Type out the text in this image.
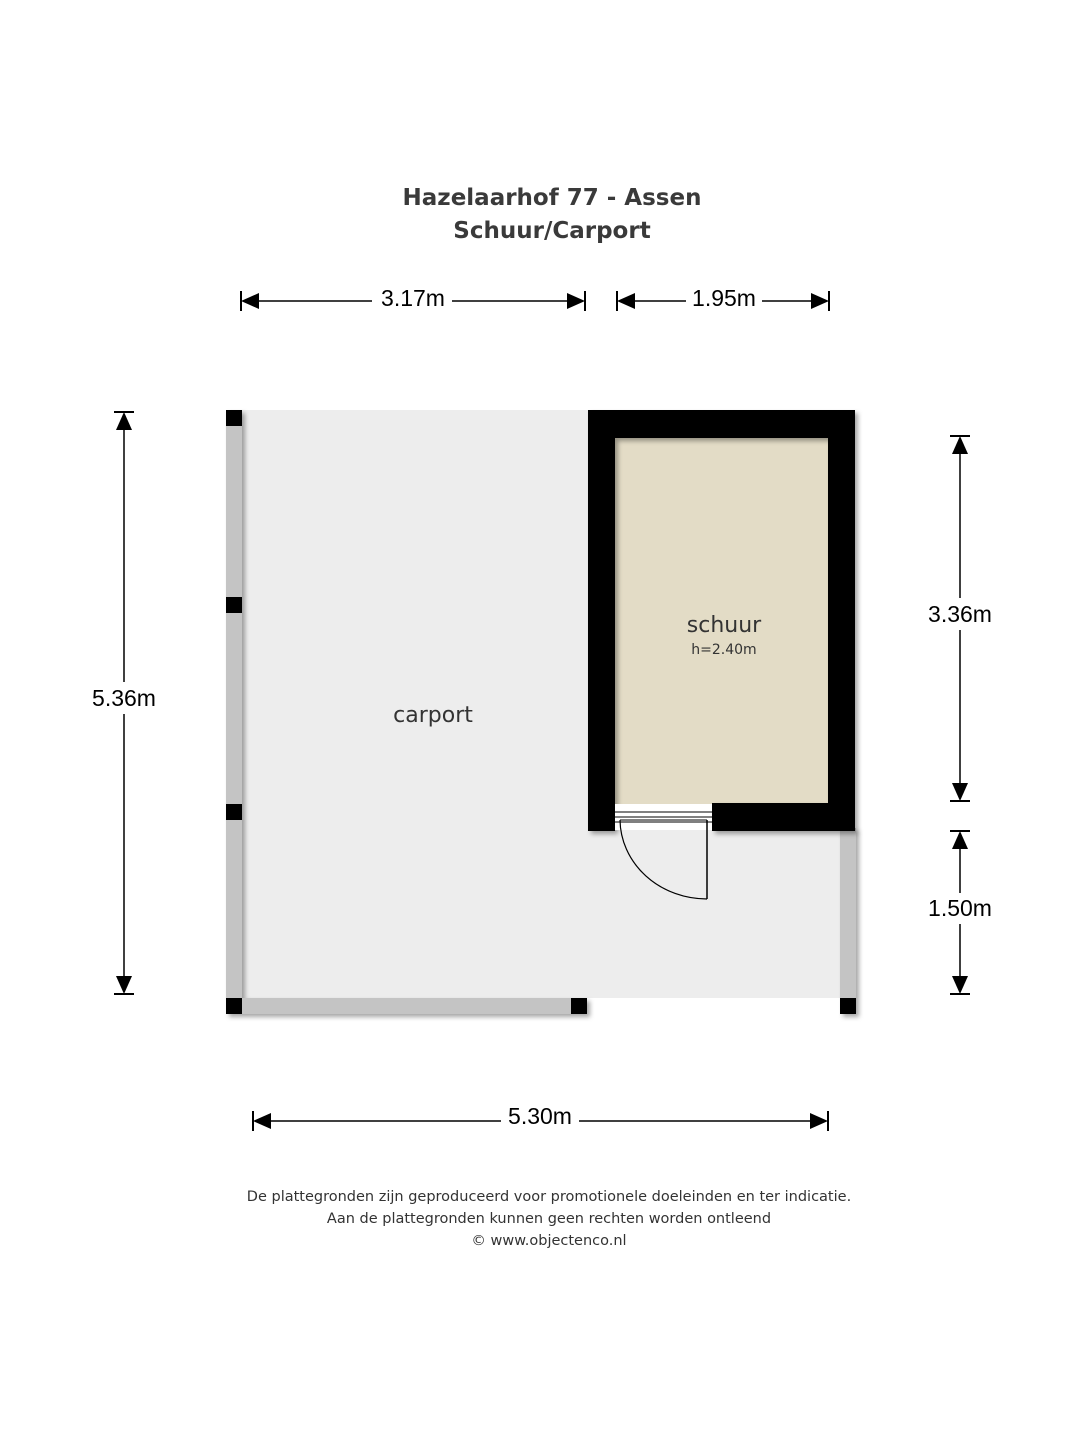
Hazelaarhof 77 - Assen
Schuur/Carport
carport
schuur
h=2.40m
3.17m	1.95m
5.36m
3.36m
1.50m
5.30m
De plattegronden zijn geproduceerd voor promotionele doeleinden en ter indicatie.
Aan de plattegronden kunnen geen rechten worden ontleend
© www.objectenco.nl
